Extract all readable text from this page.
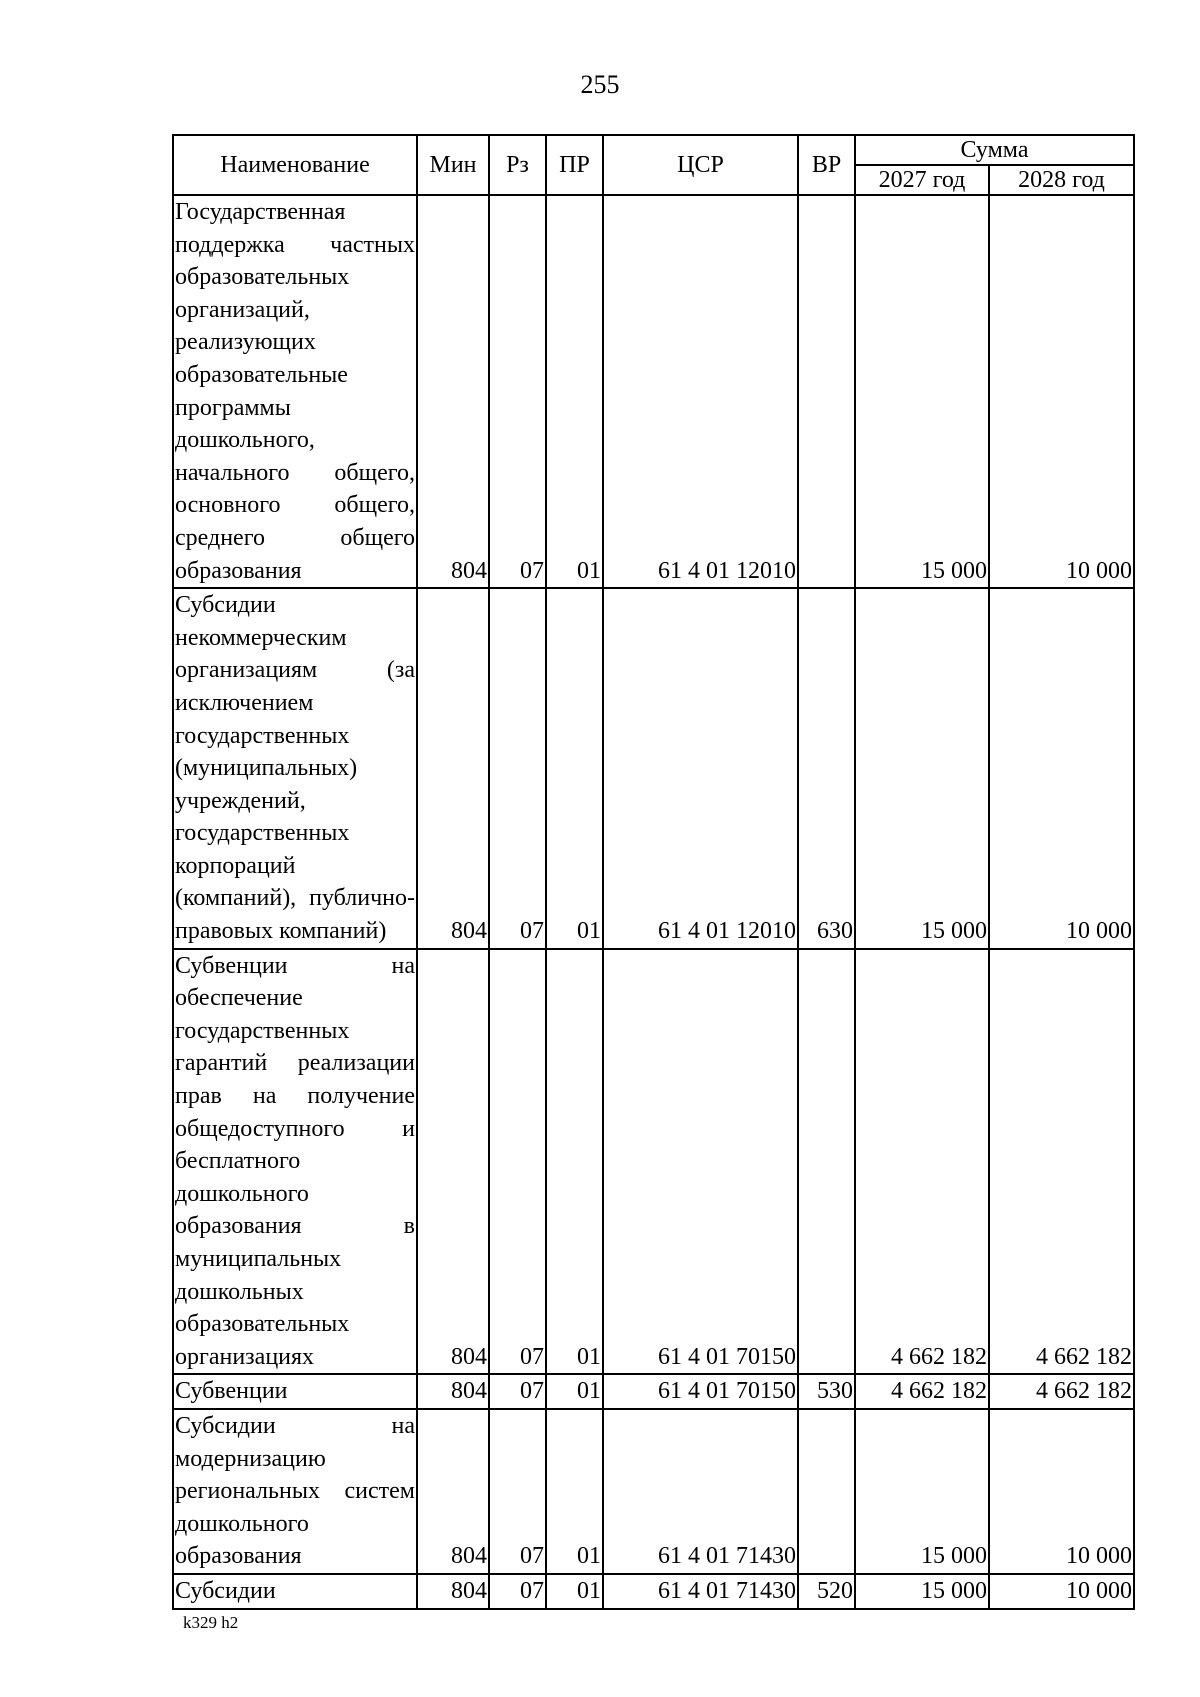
255
Наименование	Мин	Рз	ПР	ЦСР	ВР	Сумма	
						2027 год	2028 год
Государственная поддержка частных образовательных организаций, реализующих образовательные программы дошкольного, начального общего, основного общего, среднего общего образования	804	07	01	61 4 01 12010		15 000	10 000
Субсидии некоммерческим организациям (за исключением государственных (муниципальных) учреждений, государственных корпораций (компаний), публично-правовых компаний)	804	07	01	61 4 01 12010	630	15 000	10 000
Субвенции на обеспечение государственных гарантий реализации прав на получение общедоступного и бесплатного дошкольного образования в муниципальных дошкольных образовательных организациях	804	07	01	61 4 01 70150		4 662 182	4 662 182
Субвенции	804	07	01	61 4 01 70150	530	4 662 182	4 662 182
Субсидии на модернизацию региональных систем дошкольного образования	804	07	01	61 4 01 71430		15 000	10 000
Субсидии	804	07	01	61 4 01 71430	520	15 000	10 000
k329 h2
